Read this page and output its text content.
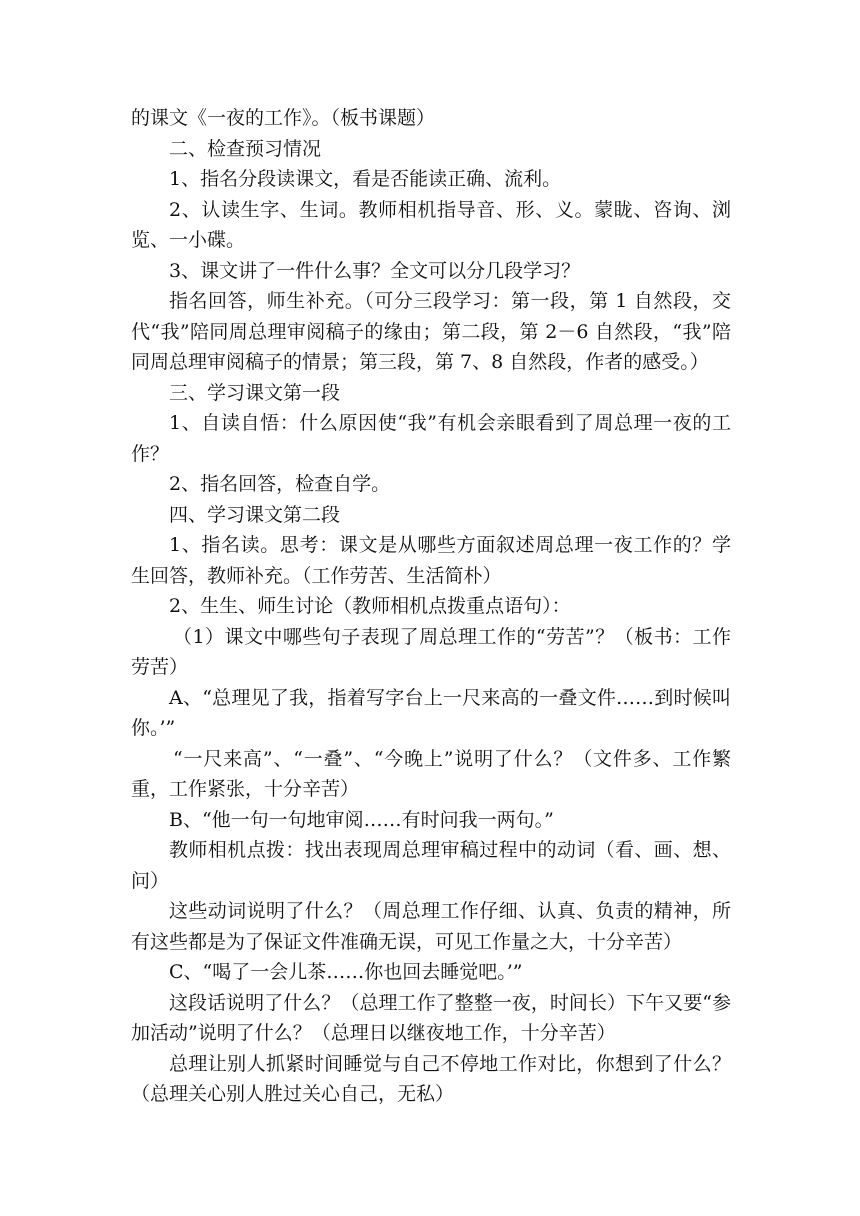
的课文《一夜的工作》。（板书课题）

二、检查预习情况

1、指名分段读课文，看是否能读正确、流利。

2、认读生字、生词。教师相机指导音、形、义。蒙眬、咨询、浏览、一小碟。

3、课文讲了一件什么事？全文可以分几段学习？

指名回答，师生补充。（可分三段学习：第一段，第 1 自然段，交代“我”陪同周总理审阅稿子的缘由；第二段，第 2－6 自然段，“我”陪同周总理审阅稿子的情景；第三段，第 7、8 自然段，作者的感受。）

三、学习课文第一段

1、自读自悟：什么原因使“我”有机会亲眼看到了周总理一夜的工作？

2、指名回答，检查自学。

四、学习课文第二段

1、指名读。思考：课文是从哪些方面叙述周总理一夜工作的？学生回答，教师补充。（工作劳苦、生活简朴）

2、生生、师生讨论（教师相机点拨重点语句）：

（1）课文中哪些句子表现了周总理工作的“劳苦”？（板书：工作劳苦）

A、“总理见了我，指着写字台上一尺来高的一叠文件……到时候叫你。’”

“一尺来高”、“一叠”、“今晚上”说明了什么？（文件多、工作繁重，工作紧张，十分辛苦）

B、“他一句一句地审阅……有时问我一两句。”

教师相机点拨：找出表现周总理审稿过程中的动词（看、画、想、问）

这些动词说明了什么？（周总理工作仔细、认真、负责的精神，所有这些都是为了保证文件准确无误，可见工作量之大，十分辛苦）

C、“喝了一会儿茶……你也回去睡觉吧。’”

这段话说明了什么？（总理工作了整整一夜，时间长）下午又要“参加活动”说明了什么？（总理日以继夜地工作，十分辛苦）

总理让别人抓紧时间睡觉与自己不停地工作对比，你想到了什么？（总理关心别人胜过关心自己，无私）
